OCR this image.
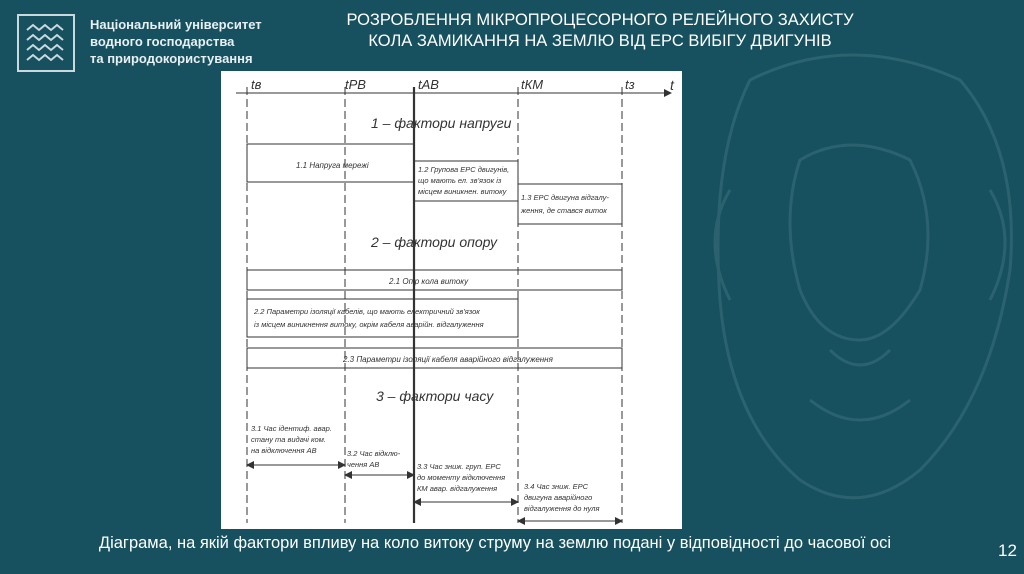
Національний університет
водного господарства
та природокористування
РОЗРОБЛЕННЯ МІКРОПРОЦЕСОРНОГО РЕЛЕЙНОГО ЗАХИСТУ
КОЛА ЗАМИКАННЯ НА ЗЕМЛЮ ВІД ЕРС ВИБІГУ ДВИГУНІВ
tв	tРВ	tАВ	tКМ	tз	t
1 – фактори напруги
2 – фактори опору
3 – фактори часу
1.1 Напруга мережі	1.2 Групова ЕРС двигунів,
що мають ел. зв'язок із
місцем виникнен. витоку
1.3 ЕРС двигуна відгалу-
ження, де стався виток
2.1 Опір кола витоку
2.2 Параметри ізоляції кабелів, що мають електричний зв'язок
із місцем виникнення витоку, окрім кабеля аварійн. відгалуження
2.3 Параметри ізоляції кабеля аварійного відгалуження
3.1 Час ідентиф. авар.
стану та видачі ком.
на відключення АВ	3.2 Час відклю-
чення АВ	3.3 Час зниж. груп. ЕРС
до моменту відключення
КМ авар. відгалуження	3.4 Час зниж. ЕРС
двигуна аварійного
відгалуження до нуля
Діаграма, на якій фактори впливу на коло витоку струму на землю подані у відповідності до часової осі	12
